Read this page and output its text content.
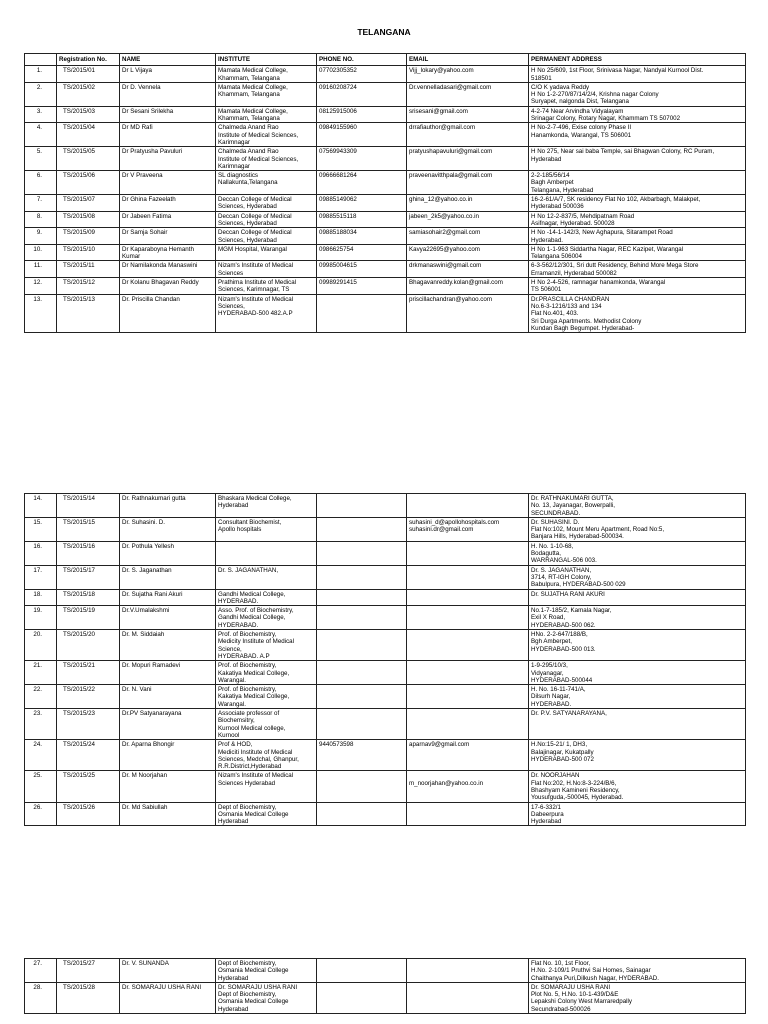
TELANGANA
	Registration No.	NAME	INSTITUTE	PHONE NO.	EMAIL	PERMANENT ADDRESS
1.	TS/2015/01	Dr L Vijaya	Mamata Medical College,
Khammam, Telangana	07702305352	Vijj_lokary@yahoo.com	H No 25/609, 1st Floor, Srinivasa Nagar, Nandyal Kurnool Dist.
518501
2.	TS/2015/02	Dr D. Vennela	Mamata Medical College,
Khammam, Telangana	09160208724	Dr.vennelladasari@gmail.com	C/O K yadava Reddy
H No 1-2-270/87/14/2/4, Krishna nagar Colony
Suryapet, nalgonda Dist, Telangana
3.	TS/2015/03	Dr Sesani Srilekha	Mamata Medical College,
Khammam, Telangana	08125915006	srisesani@gmail.com	4-2-74 Near Arvindha Vidyalayam
Srinagar Colony, Rotary Nagar, Khammam TS 507002
4.	TS/2015/04	Dr MD Rafi	Chalmeda Anand Rao
Institute of Medical Sciences,
Karimnagar	09849155960	drrafiauthor@gmail.com	H No-2-7-496, Exise colony Phase II
Hanamkonda, Warangal, TS 506001
5.	TS/2015/05	Dr Pratyusha Pavuluri	Chalmeda Anand Rao
Institute of Medical Sciences,
Karimnagar	07569943309	pratyushapavuluri@gmail.com	H No 275, Near sai baba Temple, sai Bhagwan Colony, RC Puram,
Hyderabad
6.	TS/2015/06	Dr V Praveena	SL diagnostics
Nallakunta,Telangana	09666681264	praveenavitthpala@gmail.com	2-2-185/56/14
Bagh Amberpet
Telangana, Hyderabad
7.	TS/2015/07	Dr Ghina Fazeelath	Deccan College of Medical
Sciences, Hyderabad	09885149062	ghina_12@yahoo.co.in	16-2-61/A/7, SK residency Flat No 102, Akbarbagh, Malakpet,
Hyderabad 500036
8.	TS/2015/08	Dr Jabeen Fatima	Deccan College of Medical
Sciences, Hyderabad	09885515118	jabeen_2k5@yahoo.co.in	H No 12-2-837/5, Mehdipatnam Road
Asifnagar, Hyderabad. 500028
9.	TS/2015/09	Dr Samja Sohair	Deccan College of Medical
Sciences, Hyderabad	09885188034	samiasohair2@gmail.com	H No -14-1-142/3, New Aghapura, Sitarampet Road
Hyderabad.
10.	TS/2015/10	Dr Kaparaboyna Hemanth
Kumar	MGM Hospital, Warangal	0986625754	Kavya22695@yahoo.com	H No 1-1-963 Siddartha Nagar, REC Kazipet, Warangal
Telangana 506004
11.	TS/2015/11	Dr Namilakonda Manaswini	Nizam's Institute of Medical
Sciences	09985004615	drkmanaswini@gmail.com	6-3-562/12/301, Sri dutt Residency, Behind More Mega Store
Erramanzil, Hyderabad 500082
12.	TS/2015/12	Dr Kolanu Bhagavan Reddy	Prathima Institute of Medical
Sciences, Karimnagar, TS	09989291415	Bhagavanreddy.kolan@gmail.com	H No 2-4-526, ramnagar hanamkonda, Warangal
TS 506001
13.	TS/2015/13	Dr. Priscilla Chandan	Nizam's Institute of Medical
Sciences,
HYDERABAD-500 482.A.P		priscillachandran@yahoo.com	Dr.PRASCILLA CHANDRAN
No.6-3-1216/133 and 134
Flat No.401, 403.
Sri Durga Apartments. Methodist Colony
Kundan Bagh Begumpet. Hyderabad-
14.	TS/2015/14	Dr. Rathnakumari gutta	Bhaskara Medical College,
Hyderabad			Dr. RATHNAKUMARI GUTTA,
No. 13, Jayanagar, Bowerpalli,
SECUNDRABAD.
15.	TS/2015/15	Dr. Suhasini. D.	Consultant Biochemist,
Apollo hospitals		suhasini_d@apollohospitals.com
suhasini.dr@gmail.com	Dr. SUHASINI. D.
Flat No:102, Mount Meru Apartment, Road No:5,
Banjara Hills, Hyderabad-500034.
16.	TS/2015/16	Dr. Pothula Yellesh				H. No. 1-10-68,
Bodagutta,
WARRANGAL-506 003.
17.	TS/2015/17	Dr. S. Jaganathan	Dr. S. JAGANATHAN,			Dr. S. JAGANATHAN,
3714, RT-IGH Colony,
Babulpura, HYDERABAD-500 029
18.	TS/2015/18	Dr. Sujatha Rani Akuri	Gandhi Medical College,
HYDERABAD.			Dr. SUJATHA RANI AKURI
19.	TS/2015/19	Dr.V.Umalakshmi	Asso. Prof. of Biochemistry,
Gandhi Medical College,
HYDERABAD.			No.1-7-185/2, Kamala Nagar,
Exil X Road,
HYDERABAD-500 062.
20.	TS/2015/20	Dr. M. Siddaiah	Prof. of Biochemistry,
Medicity Institute of Medical
Science,
HYDERABAD. A.P			HNo. 2-2-647/188/B,
Bgh Amberpet,
HYDERABAD-500 013.
21.	TS/2015/21	Dr. Mopuri Ramadevi	Prof. of Biochemistry,
Kakatiya Medical College,
Warangal.			1-9-295/10/3,
Vidyanagar,
HYDERABAD-500044
22.	TS/2015/22	Dr. N. Vani	Prof. of Biochemistry,
Kakatiya Medical College,
Warangal.			H. No. 16-11-741/A,
Dilsurh Nagar,
HYDERABAD.
23.	TS/2015/23	Dr.PV Satyanarayana	Associate professor of
Biochemsitry,
Kurnool Medical college,
Kurnool			Dr. P.V. SATYANARAYANA,
24.	TS/2015/24	Dr. Aparna Bhongir	Prof & HOD,
Mediciti Institute of Medical
Sciences, Medchal, Ghanpur,
R.R.District,Hyderabad	9440573598	aparnav9@gmail.com	H.No:15-21/ 1, DH3,
Balajinagar, Kukatpally
HYDERABAD-500 072
25.	TS/2015/25	Dr. M Noorjahan	Nizam's Institute of Medical
Sciences Hyderabad		
m_noorjahan@yahoo.co.in	Dr. NOORJAHAN
Flat No:202, H.No:8-3-224/B/6,
Bhashyam Kamineni Residency,
Yousufguda,-500045, Hyderabad.
26.	TS/2015/26	Dr. Md Sabiullah	Dept of Biochemistry,
Osmania Medical College
Hyderabad			17-6-332/1
Dabeerpura
Hyderabad
27.	TS/2015/27	Dr. V. SUNANDA	Dept of Biochemistry,
Osmania Medical College
Hyderabad			Flat No. 10, 1st Floor,
H.No. 2-109/1 Pruthvi Sai Homes, Sainagar
Chaithanya Puri,Dilkush Nagar, HYDERABAD.
28.	TS/2015/28	Dr. SOMARAJU USHA RANI	Dr. SOMARAJU USHA RANI
Dept of Biochemistry,
Osmania Medical College
Hyderabad			Dr. SOMARAJU USHA RANI
Plot No. 5, H.No. 10-1-439/D&E
Lepakshi Colony West Marraredpally
Secundrabad-500026
